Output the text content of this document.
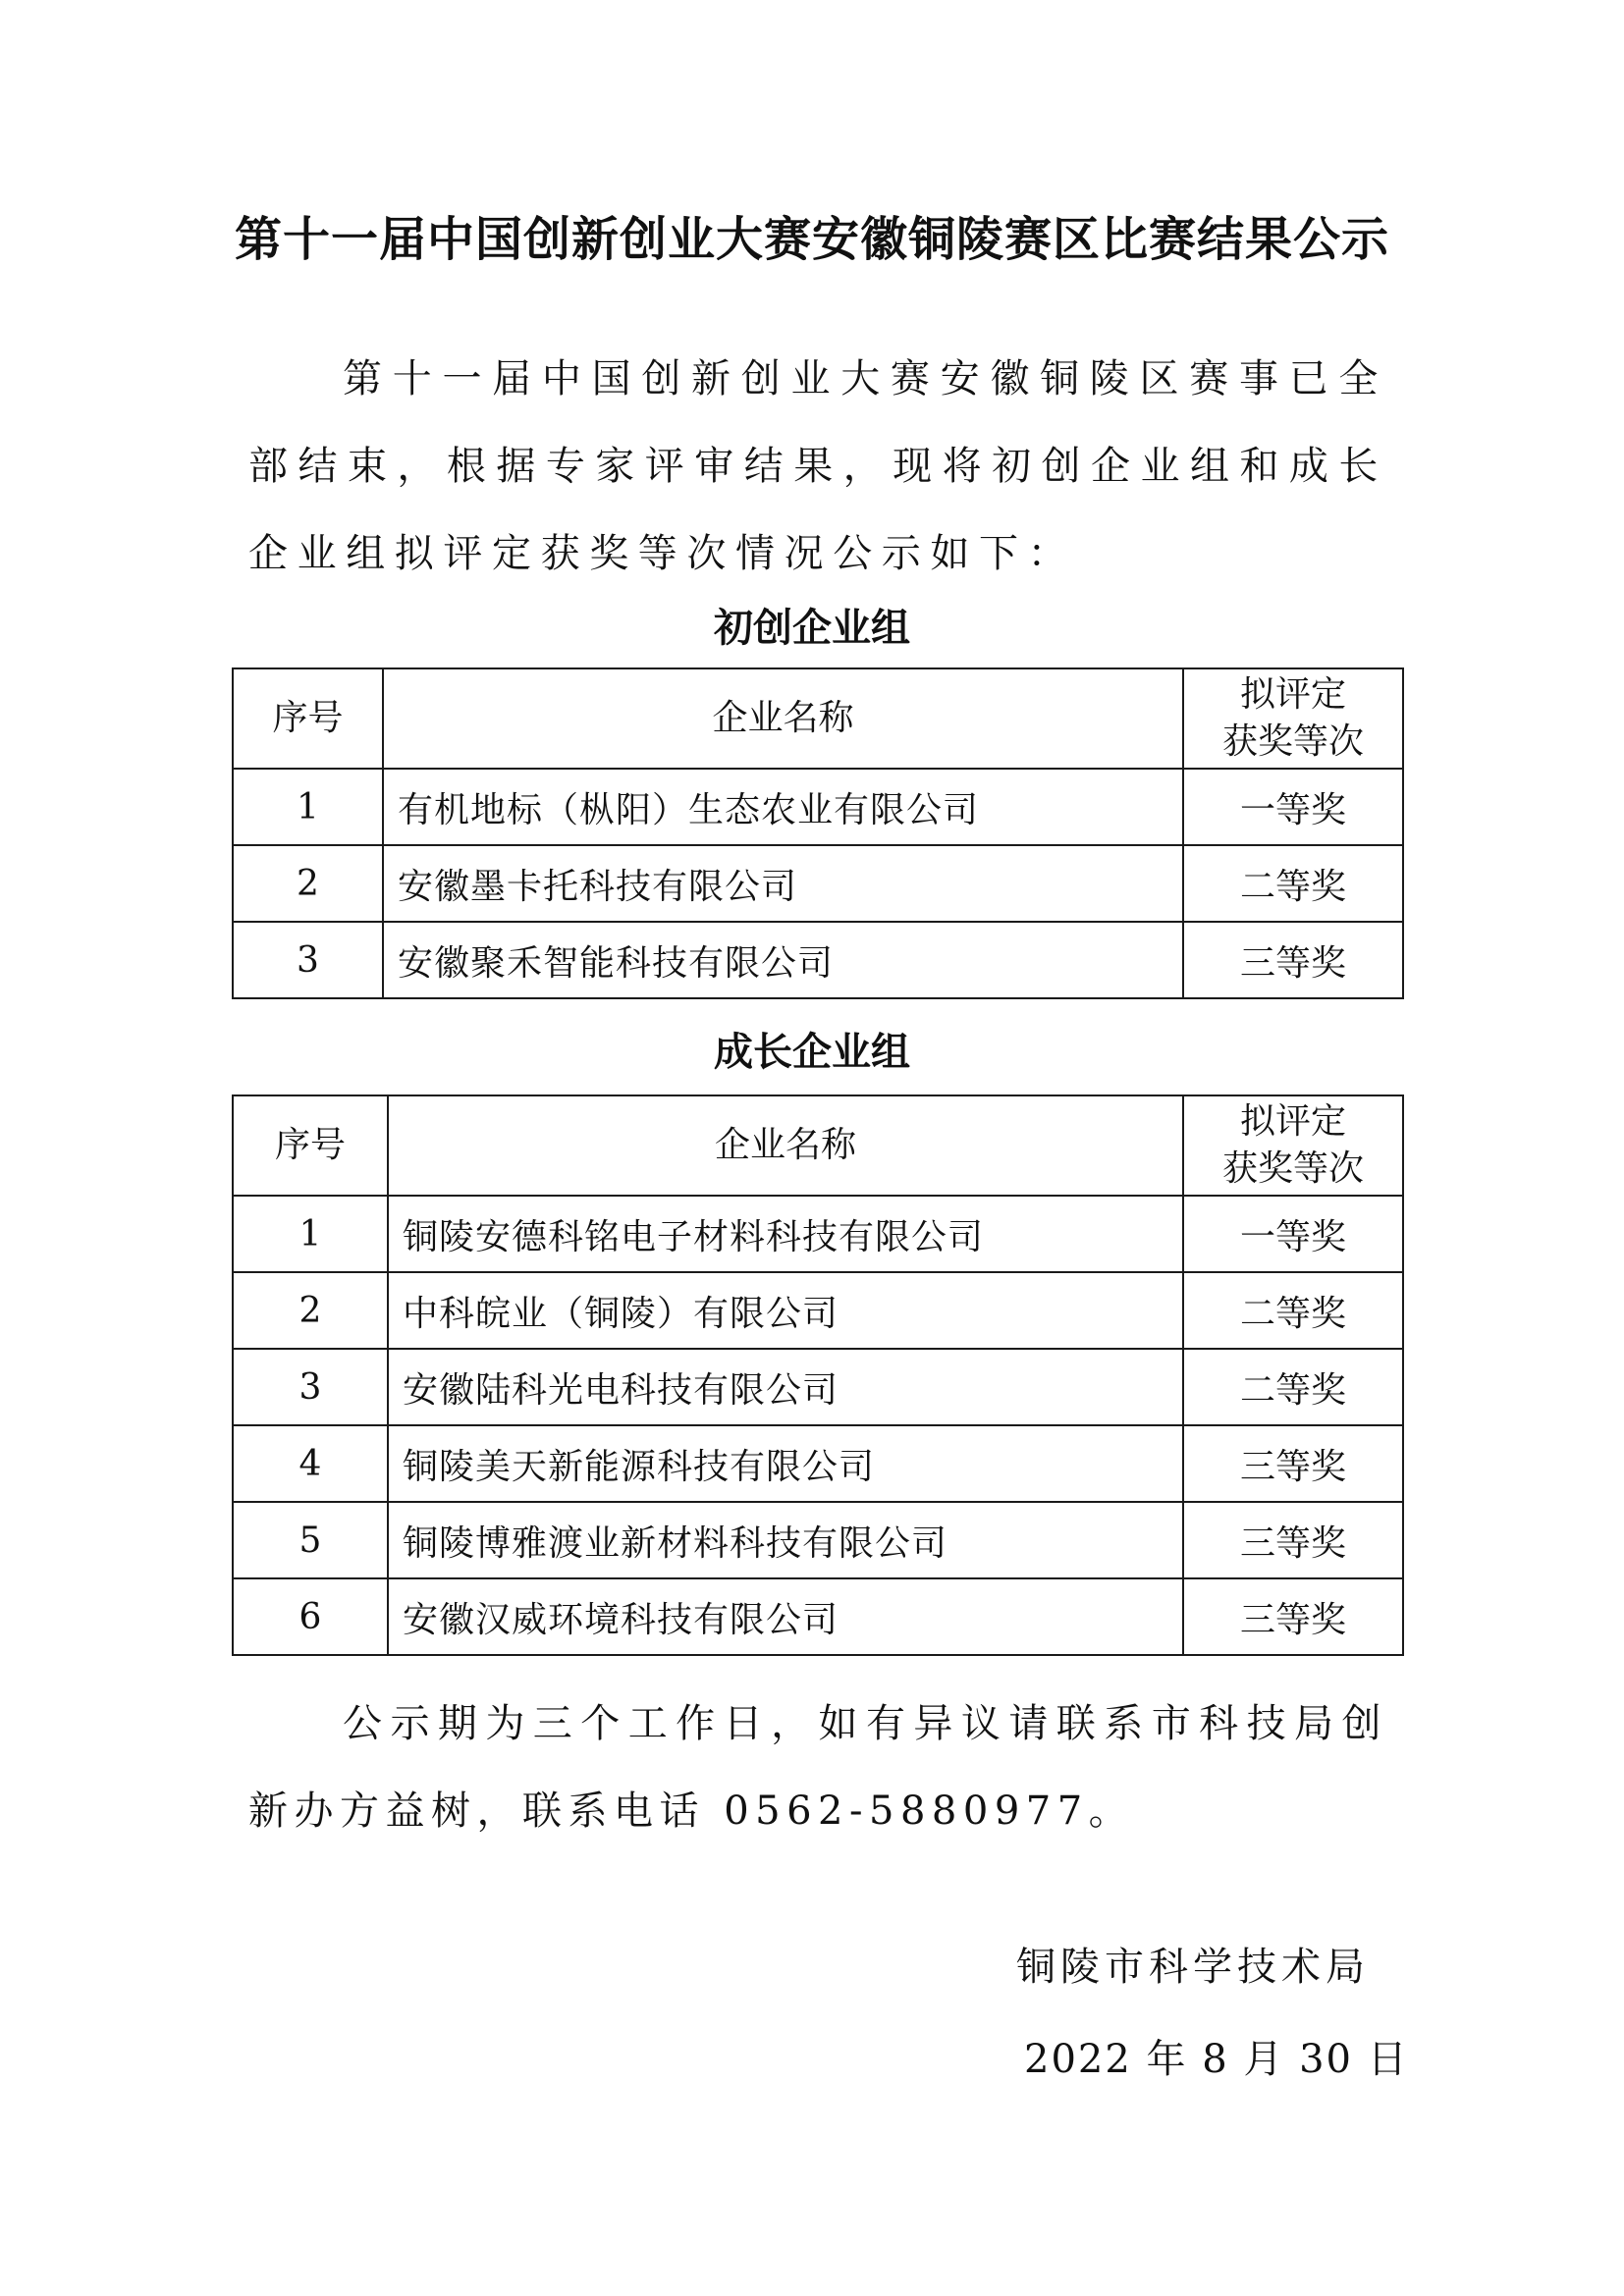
第十一届中国创新创业大赛安徽铜陵赛区比赛结果公示

第十一届中国创新创业大赛安徽铜陵区赛事已全部结束，根据专家评审结果，现将初创企业组和成长企业组拟评定获奖等次情况公示如下：

初创企业组
序号	企业名称	拟评定
获奖等次
1	有机地标（枞阳）生态农业有限公司	一等奖
2	安徽墨卡托科技有限公司	二等奖
3	安徽聚禾智能科技有限公司	三等奖
成长企业组
序号	企业名称	拟评定
获奖等次
1	铜陵安德科铭电子材料科技有限公司	一等奖
2	中科皖业（铜陵）有限公司	二等奖
3	安徽陆科光电科技有限公司	二等奖
4	铜陵美天新能源科技有限公司	三等奖
5	铜陵博雅渡业新材料科技有限公司	三等奖
6	安徽汉威环境科技有限公司	三等奖

公示期为三个工作日，如有异议请联系市科技局创新办方益树，联系电话 0562-5880977。

铜陵市科学技术局

2022 年 8 月 30 日
